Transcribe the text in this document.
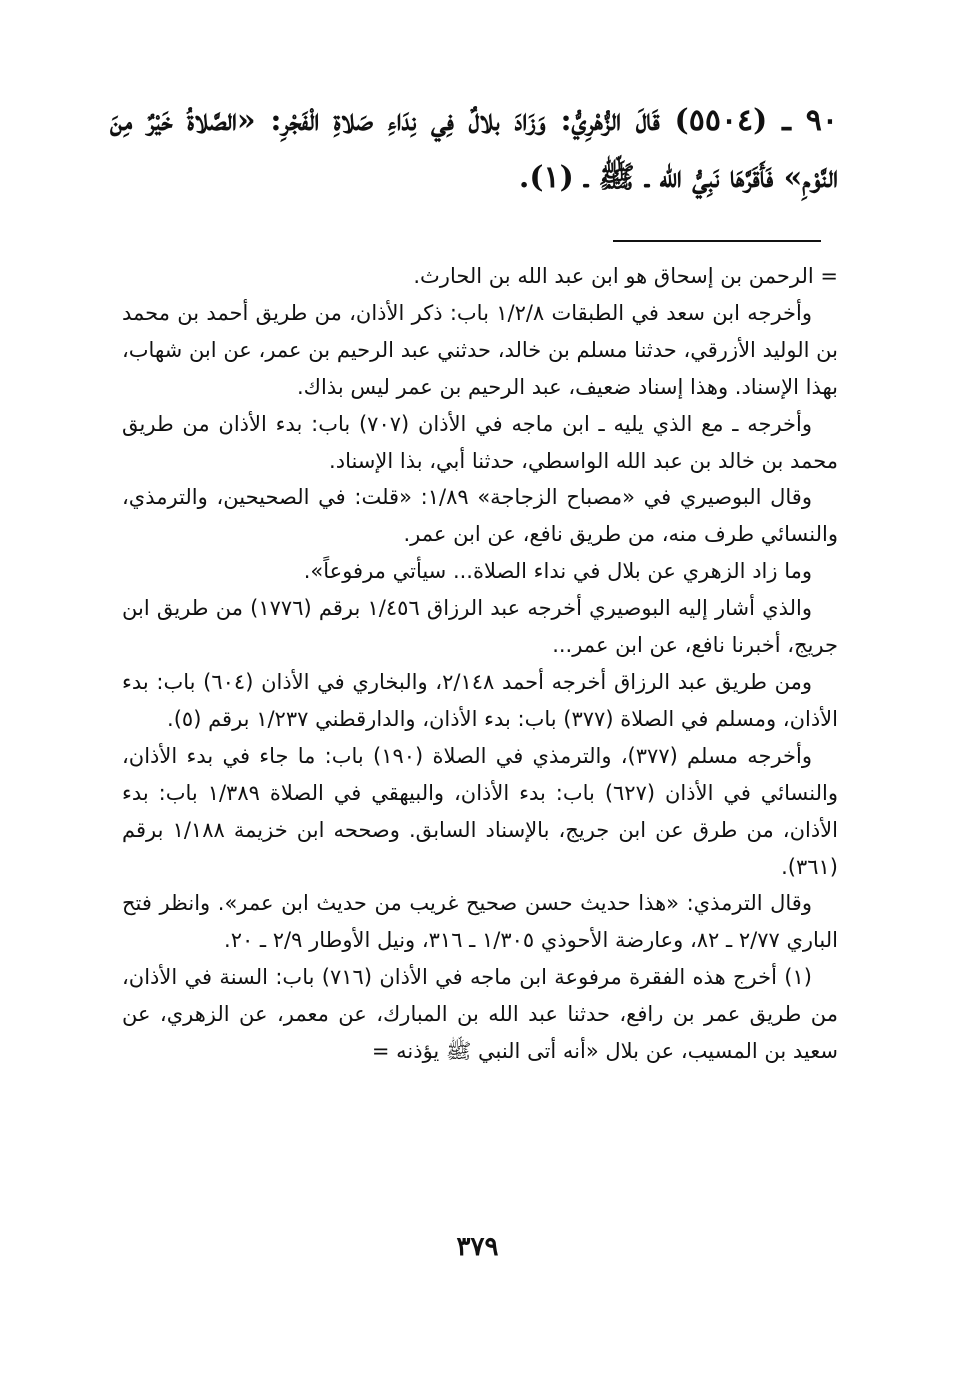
٩٠ ـ (٥٥٠٤) قَالَ الزُّهْرِيُّ: وَزَادَ بلالٌ فِي نِدَاءِ صَلاةِ الْفَجْرِ: «الصَّلاةُ خَيْرٌ مِنَ النَّوْمِ» فَأَقَرَّهَا نَبِيُّ الله ـ ﷺ ـ (١).

= الرحمن بن إسحاق هو ابن عبد الله بن الحارث.

وأخرجه ابن سعد في الطبقات ١/٢/٨ باب: ذكر الأذان، من طريق أحمد بن محمد بن الوليد الأزرقي، حدثنا مسلم بن خالد، حدثني عبد الرحيم بن عمر، عن ابن شهاب، بهذا الإسناد. وهذا إسناد ضعيف، عبد الرحيم بن عمر ليس بذاك.

وأخرجه ـ مع الذي يليه ـ ابن ماجه في الأذان (٧٠٧) باب: بدء الأذان من طريق محمد بن خالد بن عبد الله الواسطي، حدثنا أبي، بذا الإسناد.

وقال البوصيري في «مصباح الزجاجة» ١/٨٩: «قلت: في الصحيحين، والترمذي، والنسائي طرف منه، من طريق نافع، عن ابن عمر.

وما زاد الزهري عن بلال في نداء الصلاة... سيأتي مرفوعاً».

والذي أشار إليه البوصيري أخرجه عبد الرزاق ١/٤٥٦ برقم (١٧٧٦) من طريق ابن جريج، أخبرنا نافع، عن ابن عمر...

ومن طريق عبد الرزاق أخرجه أحمد ٢/١٤٨، والبخاري في الأذان (٦٠٤) باب: بدء الأذان، ومسلم في الصلاة (٣٧٧) باب: بدء الأذان، والدارقطني ١/٢٣٧ برقم (٥).

وأخرجه مسلم (٣٧٧)، والترمذي في الصلاة (١٩٠) باب: ما جاء في بدء الأذان، والنسائي في الأذان (٦٢٧) باب: بدء الأذان، والبيهقي في الصلاة ١/٣٨٩ باب: بدء الأذان، من طرق عن ابن جريج، بالإسناد السابق. وصححه ابن خزيمة ١/١٨٨ برقم (٣٦١).

وقال الترمذي: «هذا حديث حسن صحيح غريب من حديث ابن عمر». وانظر فتح الباري ٢/٧٧ ـ ٨٢، وعارضة الأحوذي ١/٣٠٥ ـ ٣١٦، ونيل الأوطار ٢/٩ ـ ٢٠.

(١) أخرج هذه الفقرة مرفوعة ابن ماجه في الأذان (٧١٦) باب: السنة في الأذان، من طريق عمر بن رافع، حدثنا عبد الله بن المبارك، عن معمر، عن الزهري، عن سعيد بن المسيب، عن بلال «أنه أتى النبي ﷺ يؤذنه =

٣٧٩
